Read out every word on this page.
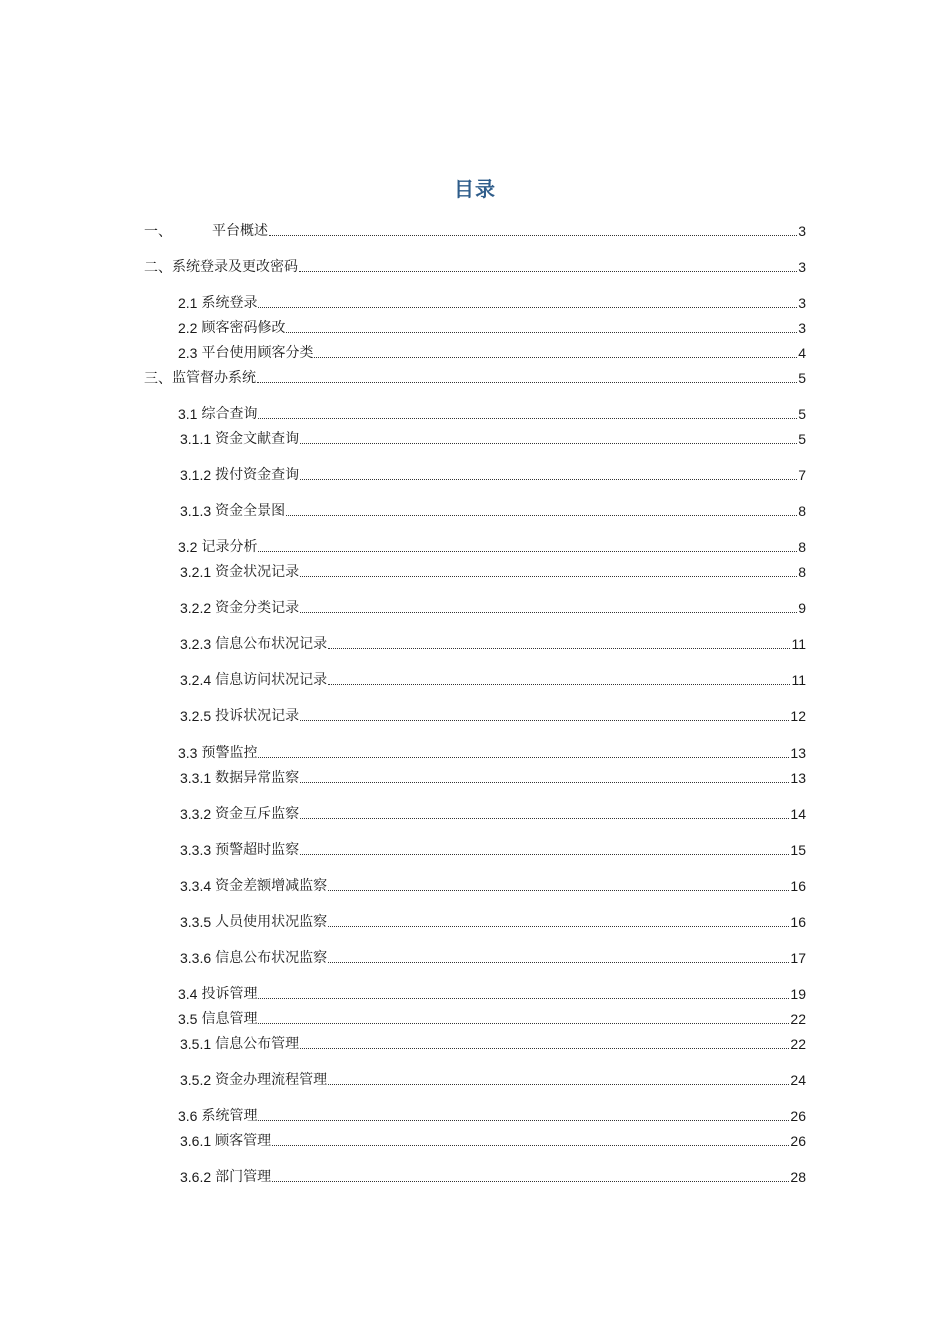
目录
一、	平台概述	3
二、 系统登录及更改密码	3
2.1 系统登录	3
2.2 顾客密码修改	3
2.3 平台使用顾客分类	4
三、 监管督办系统	5
3.1 综合查询	5
3.1.1 资金文献查询	5
3.1.2 拨付资金查询	7
3.1.3 资金全景图	8
3.2 记录分析	8
3.2.1 资金状况记录	8
3.2.2 资金分类记录	9
3.2.3 信息公布状况记录	11
3.2.4 信息访问状况记录	11
3.2.5 投诉状况记录	12
3.3 预警监控	13
3.3.1 数据异常监察	13
3.3.2 资金互斥监察	14
3.3.3 预警超时监察	15
3.3.4 资金差额增减监察	16
3.3.5 人员使用状况监察	16
3.3.6 信息公布状况监察	17
3.4 投诉管理	19
3.5 信息管理	22
3.5.1 信息公布管理	22
3.5.2 资金办理流程管理	24
3.6 系统管理	26
3.6.1 顾客管理	26
3.6.2 部门管理	28
